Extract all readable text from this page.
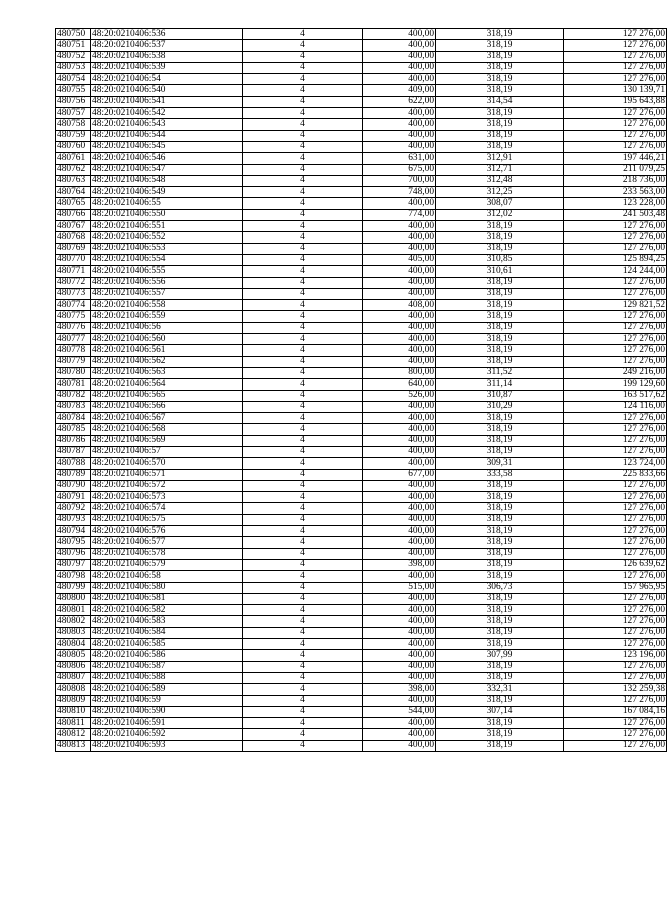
480750	48:20:0210406:536	4	400,00	318,19	127 276,00
480751	48:20:0210406:537	4	400,00	318,19	127 276,00
480752	48:20:0210406:538	4	400,00	318,19	127 276,00
480753	48:20:0210406:539	4	400,00	318,19	127 276,00
480754	48:20:0210406:54	4	400,00	318,19	127 276,00
480755	48:20:0210406:540	4	409,00	318,19	130 139,71
480756	48:20:0210406:541	4	622,00	314,54	195 643,88
480757	48:20:0210406:542	4	400,00	318,19	127 276,00
480758	48:20:0210406:543	4	400,00	318,19	127 276,00
480759	48:20:0210406:544	4	400,00	318,19	127 276,00
480760	48:20:0210406:545	4	400,00	318,19	127 276,00
480761	48:20:0210406:546	4	631,00	312,91	197 446,21
480762	48:20:0210406:547	4	675,00	312,71	211 079,25
480763	48:20:0210406:548	4	700,00	312,48	218 736,00
480764	48:20:0210406:549	4	748,00	312,25	233 563,00
480765	48:20:0210406:55	4	400,00	308,07	123 228,00
480766	48:20:0210406:550	4	774,00	312,02	241 503,48
480767	48:20:0210406:551	4	400,00	318,19	127 276,00
480768	48:20:0210406:552	4	400,00	318,19	127 276,00
480769	48:20:0210406:553	4	400,00	318,19	127 276,00
480770	48:20:0210406:554	4	405,00	310,85	125 894,25
480771	48:20:0210406:555	4	400,00	310,61	124 244,00
480772	48:20:0210406:556	4	400,00	318,19	127 276,00
480773	48:20:0210406:557	4	400,00	318,19	127 276,00
480774	48:20:0210406:558	4	408,00	318,19	129 821,52
480775	48:20:0210406:559	4	400,00	318,19	127 276,00
480776	48:20:0210406:56	4	400,00	318,19	127 276,00
480777	48:20:0210406:560	4	400,00	318,19	127 276,00
480778	48:20:0210406:561	4	400,00	318,19	127 276,00
480779	48:20:0210406:562	4	400,00	318,19	127 276,00
480780	48:20:0210406:563	4	800,00	311,52	249 216,00
480781	48:20:0210406:564	4	640,00	311,14	199 129,60
480782	48:20:0210406:565	4	526,00	310,87	163 517,62
480783	48:20:0210406:566	4	400,00	310,29	124 116,00
480784	48:20:0210406:567	4	400,00	318,19	127 276,00
480785	48:20:0210406:568	4	400,00	318,19	127 276,00
480786	48:20:0210406:569	4	400,00	318,19	127 276,00
480787	48:20:0210406:57	4	400,00	318,19	127 276,00
480788	48:20:0210406:570	4	400,00	309,31	123 724,00
480789	48:20:0210406:571	4	677,00	333,58	225 833,66
480790	48:20:0210406:572	4	400,00	318,19	127 276,00
480791	48:20:0210406:573	4	400,00	318,19	127 276,00
480792	48:20:0210406:574	4	400,00	318,19	127 276,00
480793	48:20:0210406:575	4	400,00	318,19	127 276,00
480794	48:20:0210406:576	4	400,00	318,19	127 276,00
480795	48:20:0210406:577	4	400,00	318,19	127 276,00
480796	48:20:0210406:578	4	400,00	318,19	127 276,00
480797	48:20:0210406:579	4	398,00	318,19	126 639,62
480798	48:20:0210406:58	4	400,00	318,19	127 276,00
480799	48:20:0210406:580	4	515,00	306,73	157 965,95
480800	48:20:0210406:581	4	400,00	318,19	127 276,00
480801	48:20:0210406:582	4	400,00	318,19	127 276,00
480802	48:20:0210406:583	4	400,00	318,19	127 276,00
480803	48:20:0210406:584	4	400,00	318,19	127 276,00
480804	48:20:0210406:585	4	400,00	318,19	127 276,00
480805	48:20:0210406:586	4	400,00	307,99	123 196,00
480806	48:20:0210406:587	4	400,00	318,19	127 276,00
480807	48:20:0210406:588	4	400,00	318,19	127 276,00
480808	48:20:0210406:589	4	398,00	332,31	132 259,38
480809	48:20:0210406:59	4	400,00	318,19	127 276,00
480810	48:20:0210406:590	4	544,00	307,14	167 084,16
480811	48:20:0210406:591	4	400,00	318,19	127 276,00
480812	48:20:0210406:592	4	400,00	318,19	127 276,00
480813	48:20:0210406:593	4	400,00	318,19	127 276,00
